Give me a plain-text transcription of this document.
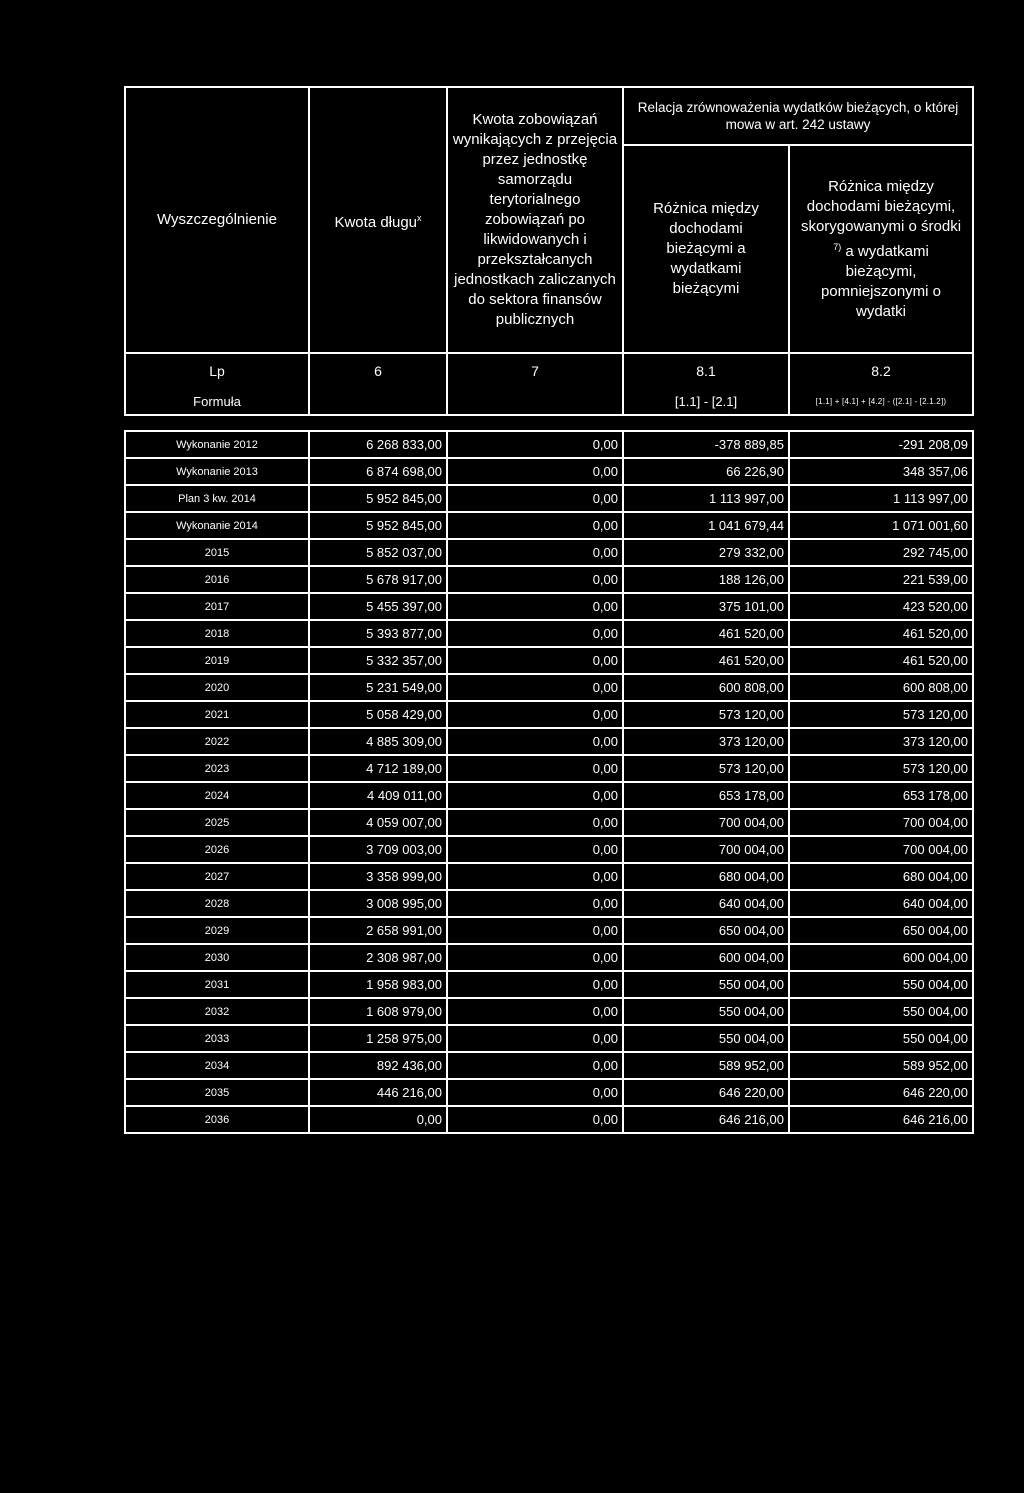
Wyszczególnienie	Kwota długu$^x$	Kwota zobowiązań wynikających z przejęcia przez jednostkę samorządu terytorialnego zobowiązań po likwidowanych i przekształcanych jednostkach zaliczanych do sektora finansów publicznych	Relacja zrównoważenia wydatków bieżących, o której mowa w art. 242 ustawy	
			Różnica między dochodami bieżącymi a wydatkami bieżącymi	Różnica między dochodami bieżącymi, skorygowanymi o środki $^{7)}$ a wydatkami bieżącymi, pomniejszonymi o wydatki
Lp	6	7	8.1	8.2
Formuła			[1.1] - [2.1]	[1.1] + [4.1] + [4.2] - ([2.1] - [2.1.2])

Wykonanie 2012	6 268 833,00	0,00	-378 889,85	-291 208,09
Wykonanie 2013	6 874 698,00	0,00	66 226,90	348 357,06
Plan 3 kw. 2014	5 952 845,00	0,00	1 113 997,00	1 113 997,00
Wykonanie 2014	5 952 845,00	0,00	1 041 679,44	1 071 001,60
2015	5 852 037,00	0,00	279 332,00	292 745,00
2016	5 678 917,00	0,00	188 126,00	221 539,00
2017	5 455 397,00	0,00	375 101,00	423 520,00
2018	5 393 877,00	0,00	461 520,00	461 520,00
2019	5 332 357,00	0,00	461 520,00	461 520,00
2020	5 231 549,00	0,00	600 808,00	600 808,00
2021	5 058 429,00	0,00	573 120,00	573 120,00
2022	4 885 309,00	0,00	373 120,00	373 120,00
2023	4 712 189,00	0,00	573 120,00	573 120,00
2024	4 409 011,00	0,00	653 178,00	653 178,00
2025	4 059 007,00	0,00	700 004,00	700 004,00
2026	3 709 003,00	0,00	700 004,00	700 004,00
2027	3 358 999,00	0,00	680 004,00	680 004,00
2028	3 008 995,00	0,00	640 004,00	640 004,00
2029	2 658 991,00	0,00	650 004,00	650 004,00
2030	2 308 987,00	0,00	600 004,00	600 004,00
2031	1 958 983,00	0,00	550 004,00	550 004,00
2032	1 608 979,00	0,00	550 004,00	550 004,00
2033	1 258 975,00	0,00	550 004,00	550 004,00
2034	892 436,00	0,00	589 952,00	589 952,00
2035	446 216,00	0,00	646 220,00	646 220,00
2036	0,00	0,00	646 216,00	646 216,00
